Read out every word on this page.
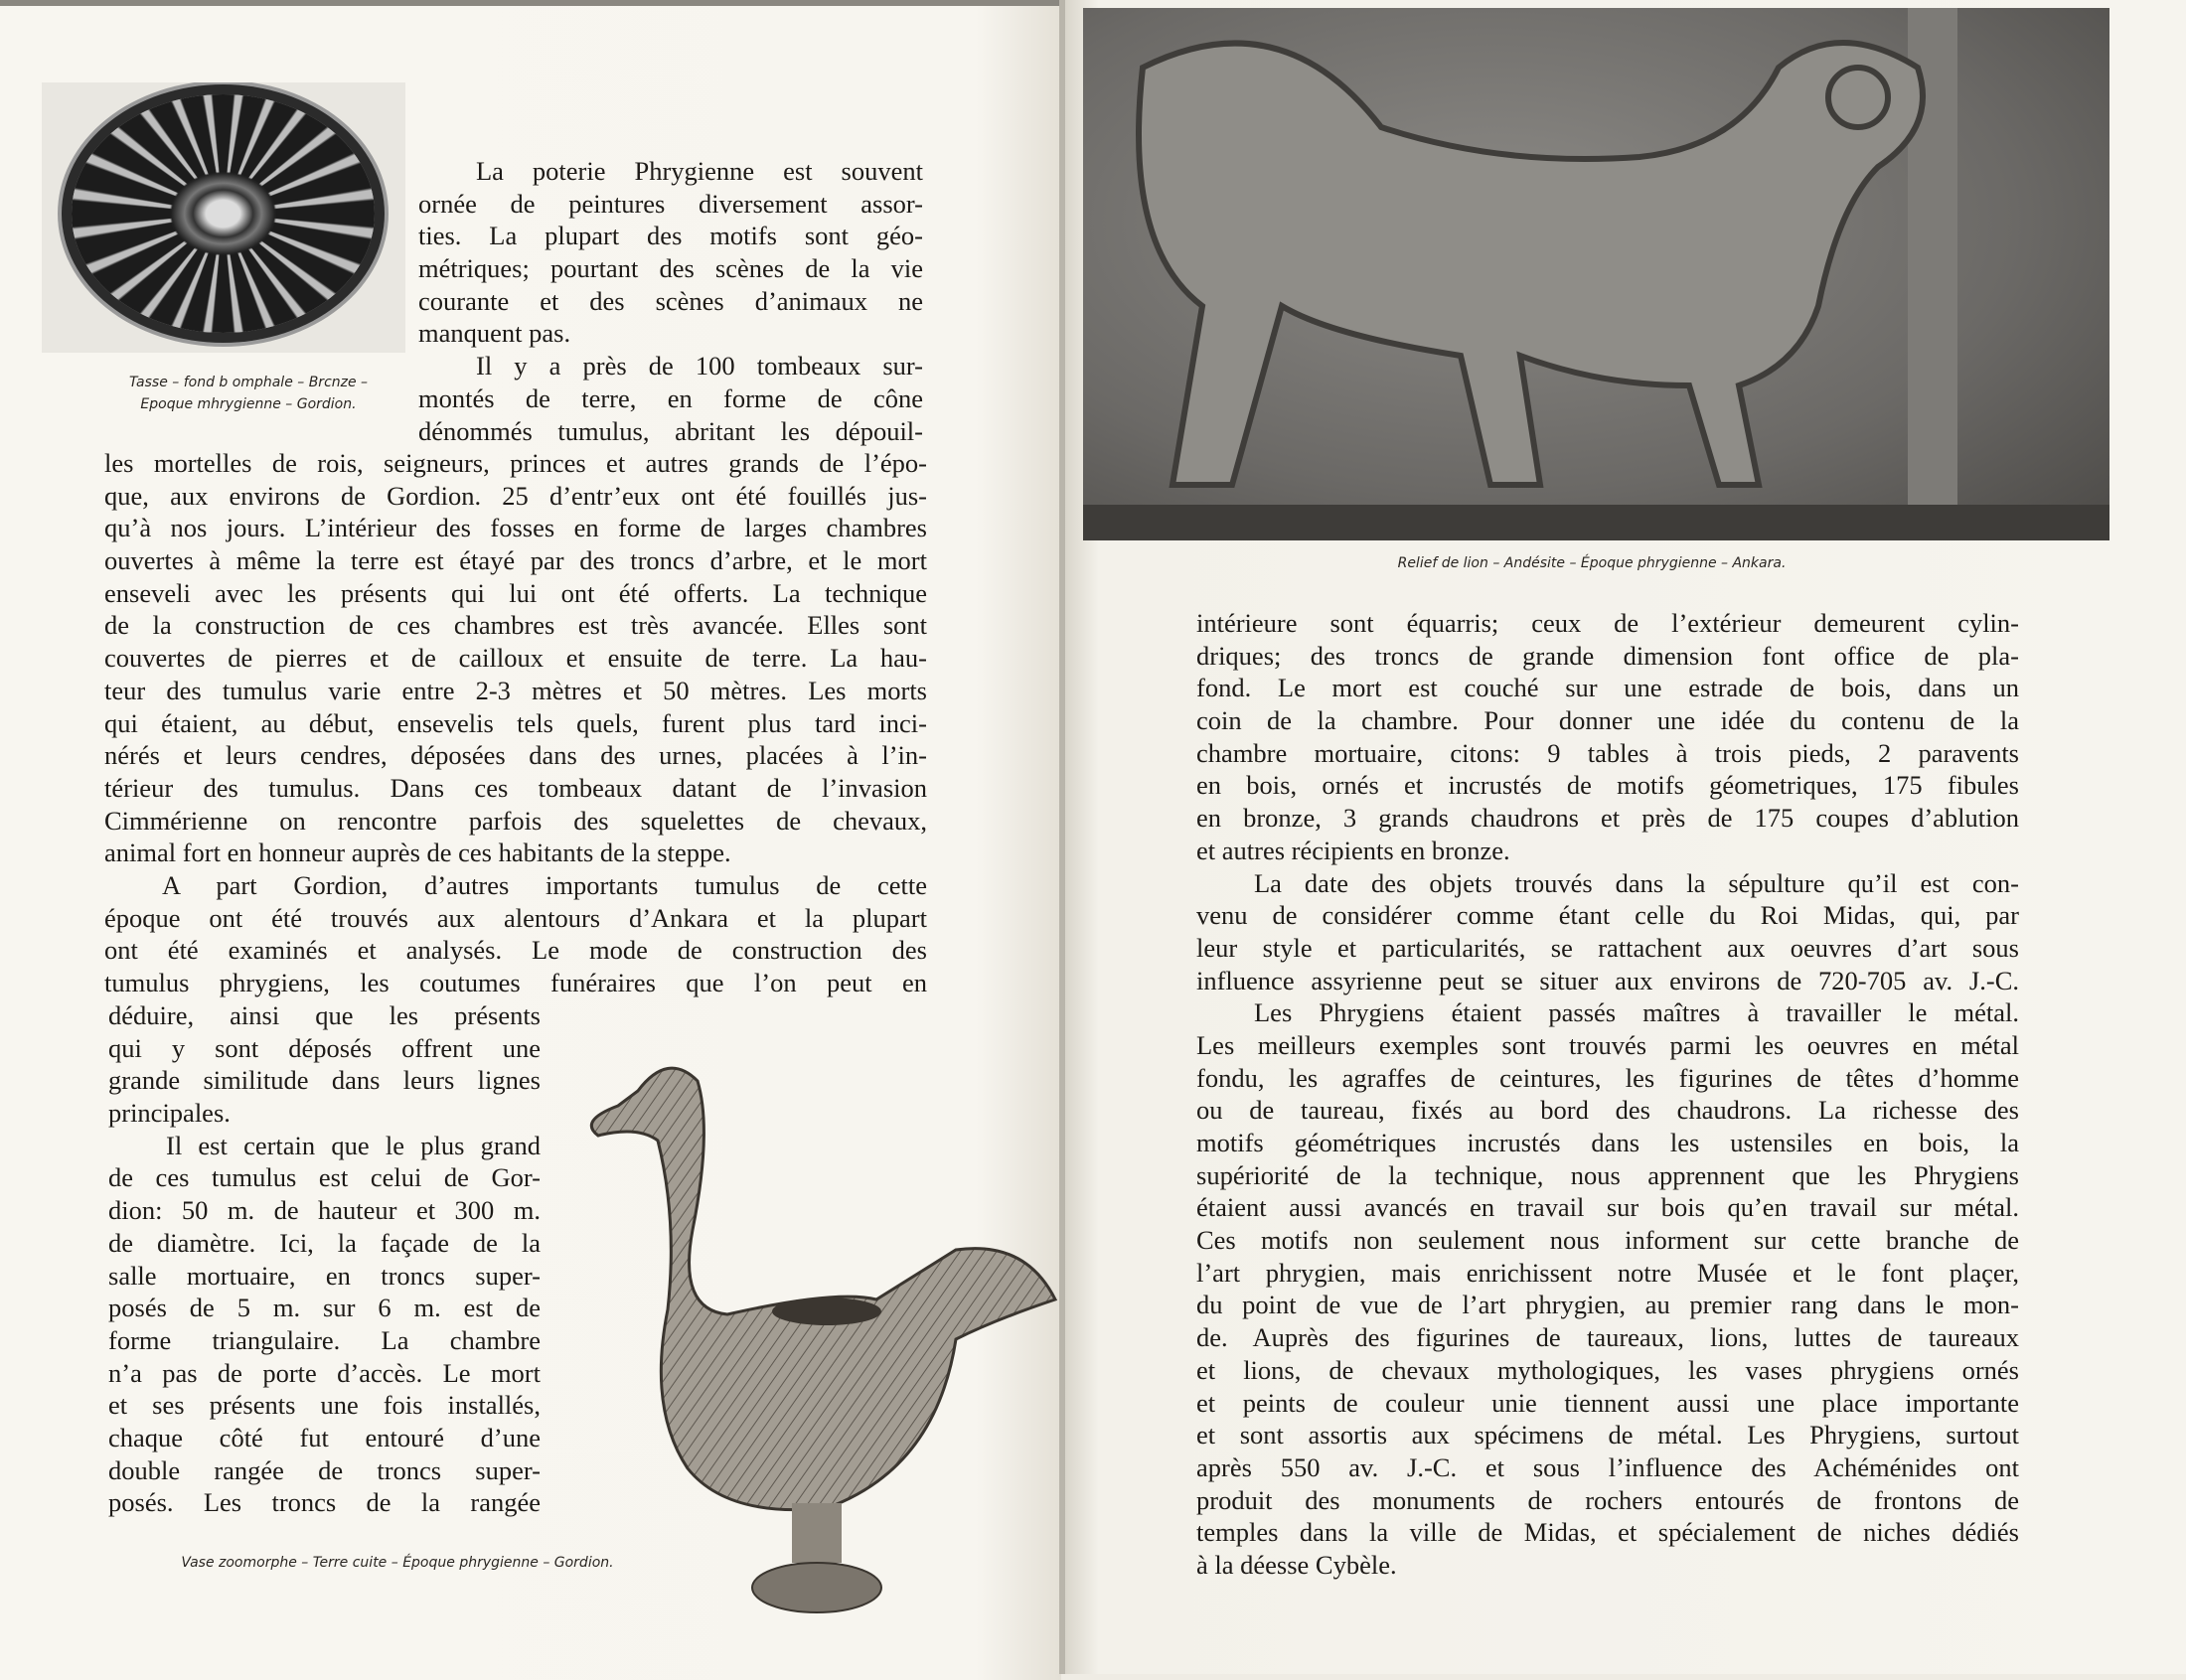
Tasse – fond b omphale – Brcnze –
Epoque mhrygienne – Gordion.
La poterie Phrygienne est souvent
ornée de peintures diversement assor-
ties. La plupart des motifs sont géo-
métriques; pourtant des scènes de la vie
courante et des scènes d’animaux ne
manquent pas.
Il y a près de 100 tombeaux sur-
montés de terre, en forme de cône
dénommés tumulus, abritant les dépouil-
les mortelles de rois, seigneurs, princes et autres grands de l’épo-
que, aux environs de Gordion. 25 d’entr’eux ont été fouillés jus-
qu’à nos jours. L’intérieur des fosses en forme de larges chambres
ouvertes à même la terre est étayé par des troncs d’arbre, et le mort
enseveli avec les présents qui lui ont été offerts. La technique
de la construction de ces chambres est très avancée. Elles sont
couvertes de pierres et de cailloux et ensuite de terre. La hau-
teur des tumulus varie entre 2-3 mètres et 50 mètres. Les morts
qui étaient, au début, ensevelis tels quels, furent plus tard inci-
nérés et leurs cendres, déposées dans des urnes, placées à l’in-
térieur des tumulus. Dans ces tombeaux datant de l’invasion
Cimmérienne on rencontre parfois des squelettes de chevaux,
animal fort en honneur auprès de ces habitants de la steppe.
A part Gordion, d’autres importants tumulus de cette
époque ont été trouvés aux alentours d’Ankara et la plupart
ont été examinés et analysés. Le mode de construction des
tumulus phrygiens, les coutumes funéraires que l’on peut en
déduire, ainsi que les présents
qui y sont déposés offrent une
grande similitude dans leurs lignes
principales.
Il est certain que le plus grand
de ces tumulus est celui de Gor-
dion: 50 m. de hauteur et 300 m.
de diamètre. Ici, la façade de la
salle mortuaire, en troncs super-
posés de 5 m. sur 6 m. est de
forme triangulaire. La chambre
n’a pas de porte d’accès. Le mort
et ses présents une fois installés,
chaque côté fut entouré d’une
double rangée de troncs super-
posés. Les troncs de la rangée
Vase zoomorphe – Terre cuite – Époque phrygienne – Gordion.
Relief de lion – Andésite – Époque phrygienne – Ankara.
intérieure sont équarris; ceux de l’extérieur demeurent cylin-
driques; des troncs de grande dimension font office de pla-
fond. Le mort est couché sur une estrade de bois, dans un
coin de la chambre. Pour donner une idée du contenu de la
chambre mortuaire, citons: 9 tables à trois pieds, 2 paravents
en bois, ornés et incrustés de motifs géometriques, 175 fibules
en bronze, 3 grands chaudrons et près de 175 coupes d’ablution
et autres récipients en bronze.
La date des objets trouvés dans la sépulture qu’il est con-
venu de considérer comme étant celle du Roi Midas, qui, par
leur style et particularités, se rattachent aux oeuvres d’art sous
influence assyrienne peut se situer aux environs de 720-705 av. J.-C.
Les Phrygiens étaient passés maîtres à travailler le métal.
Les meilleurs exemples sont trouvés parmi les oeuvres en métal
fondu, les agraffes de ceintures, les figurines de têtes d’homme
ou de taureau, fixés au bord des chaudrons. La richesse des
motifs géométriques incrustés dans les ustensiles en bois, la
supériorité de la technique, nous apprennent que les Phrygiens
étaient aussi avancés en travail sur bois qu’en travail sur métal.
Ces motifs non seulement nous informent sur cette branche de
l’art phrygien, mais enrichissent notre Musée et le font plaçer,
du point de vue de l’art phrygien, au premier rang dans le mon-
de. Auprès des figurines de taureaux, lions, luttes de taureaux
et lions, de chevaux mythologiques, les vases phrygiens ornés
et peints de couleur unie tiennent aussi une place importante
et sont assortis aux spécimens de métal. Les Phrygiens, surtout
après 550 av. J.-C. et sous l’influence des Achéménides ont
produit des monuments de rochers entourés de frontons de
temples dans la ville de Midas, et spécialement de niches dédiés
à la déesse Cybèle.
